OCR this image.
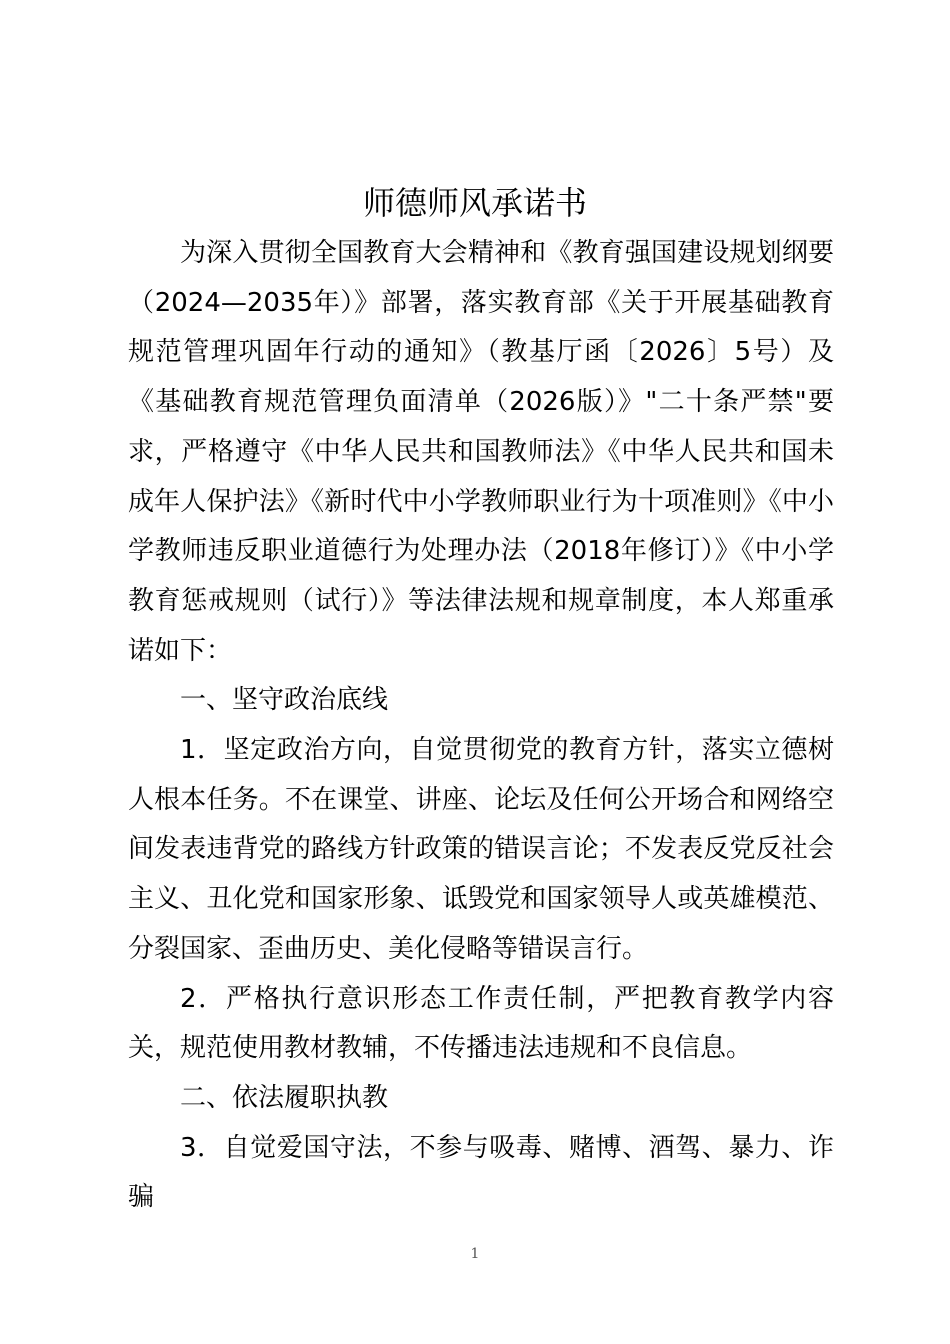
师德师风承诺书

为深入贯彻全国教育大会精神和《教育强国建设规划纲要（2024—2035年）》部署，落实教育部《关于开展基础教育规范管理巩固年行动的通知》（教基厅函〔2026〕5号）及《基础教育规范管理负面清单（2026版）》"二十条严禁"要求，严格遵守《中华人民共和国教师法》《中华人民共和国未成年人保护法》《新时代中小学教师职业行为十项准则》《中小学教师违反职业道德行为处理办法（2018年修订）》《中小学教育惩戒规则（试行）》等法律法规和规章制度，本人郑重承诺如下：

一、坚守政治底线

1．坚定政治方向，自觉贯彻党的教育方针，落实立德树人根本任务。不在课堂、讲座、论坛及任何公开场合和网络空间发表违背党的路线方针政策的错误言论；不发表反党反社会主义、丑化党和国家形象、诋毁党和国家领导人或英雄模范、分裂国家、歪曲历史、美化侵略等错误言行。

2．严格执行意识形态工作责任制，严把教育教学内容关，规范使用教材教辅，不传播违法违规和不良信息。

二、依法履职执教

3．自觉爱国守法，不参与吸毒、赌博、酒驾、暴力、诈骗

1
